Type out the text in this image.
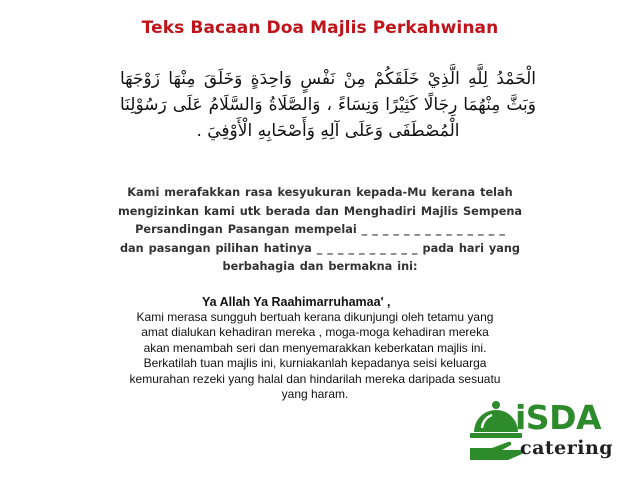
Teks Bacaan Doa Majlis Perkahwinan
الْحَمْدُ لِلَّهِ الَّذِيْ خَلَقَكُمْ مِنْ نَفْسٍ وَاحِدَةٍ وَخَلَقَ مِنْهَا زَوْجَهَا وَبَثَّ مِنْهُمَا رِجَالًا كَثِيْرًا وَنِسَاءً ، وَالصَّلَاةُ وَالسَّلَامُ عَلَى رَسُوْلِنَا الْمُصْطَفَى وَعَلَى آلِهِ وَأَصْحَابِهِ الْأَوْفِيَ .
Kami merafakkan rasa kesyukuran kepada-Mu kerana telah
mengizinkan kami utk berada dan Menghadiri Majlis Sempena
Persandingan Pasangan mempelai _ _ _ _ _ _ _ _ _ _ _ _ _ _
dan pasangan pilihan hatinya _ _ _ _ _ _ _ _ _ _ pada hari yang
berbahagia dan bermakna ini:
Ya Allah Ya Raahimarruhamaa' ,
Kami merasa sungguh bertuah kerana dikunjungi oleh tetamu yang
amat dialukan kehadiran mereka , moga-moga kehadiran mereka
akan menambah seri dan menyemarakkan keberkatan majlis ini.
Berkatilah tuan majlis ini, kurniakanlah kepadanya seisi keluarga
kemurahan rezeki yang halal dan hindarilah mereka daripada sesuatu
yang haram.
iSDA
catering
